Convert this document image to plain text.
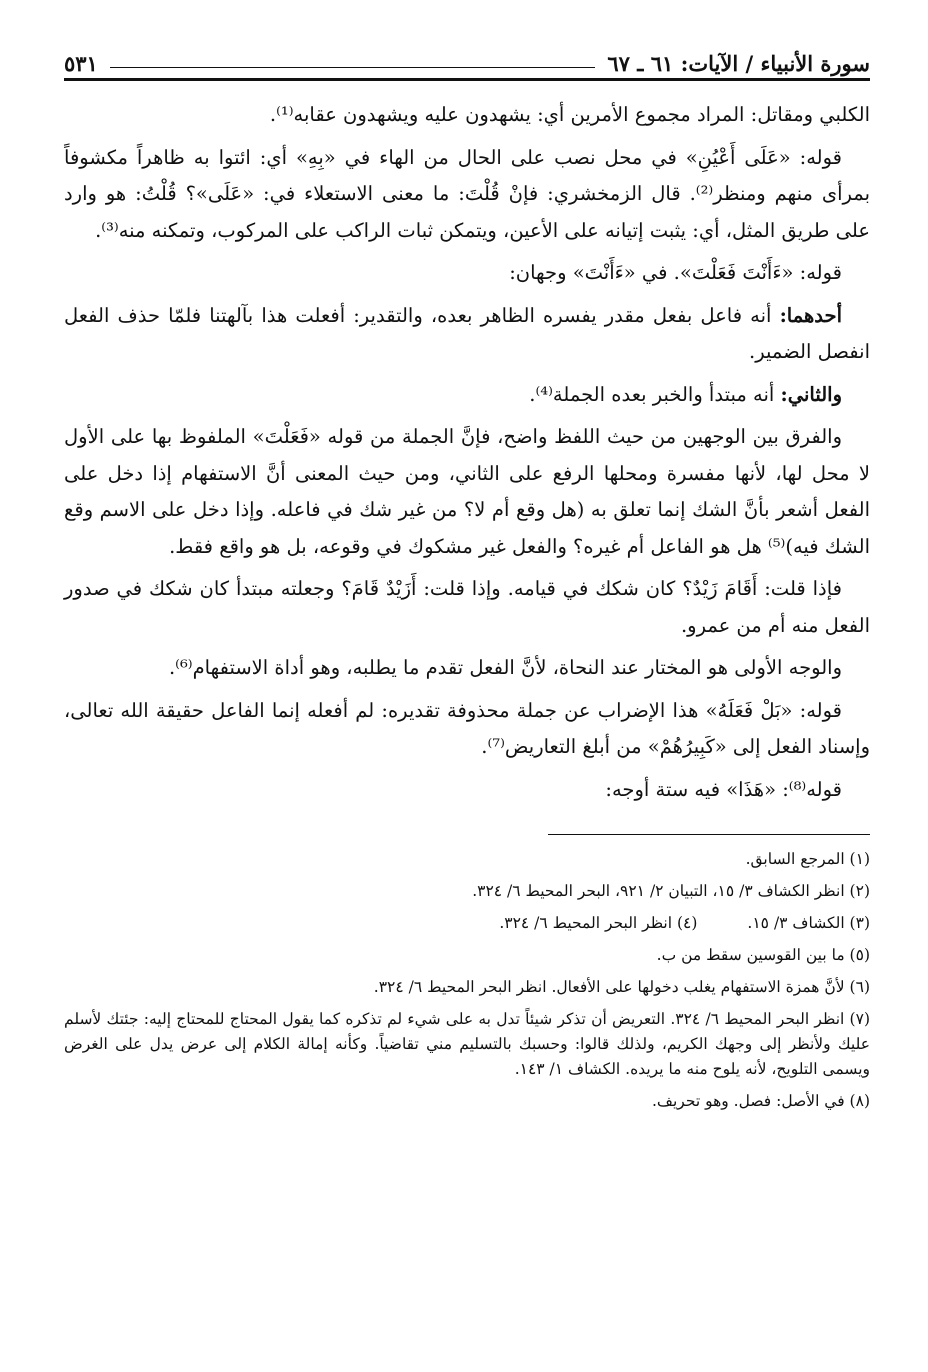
سورة الأنبياء / الآيات: ٦١ ـ ٦٧
٥٣١

الكلبي ومقاتل: المراد مجموع الأمرين أي: يشهدون عليه ويشهدون عقابه⁽¹⁾.

قوله: «عَلَى أَعْيُنِ» في محل نصب على الحال من الهاء في «بِهِ» أي: ائتوا به ظاهراً مكشوفاً بمرأى منهم ومنظر⁽²⁾. قال الزمخشري: فإنْ قُلْتَ: ما معنى الاستعلاء في: «عَلَى»؟ قُلْتُ: هو وارد على طريق المثل، أي: يثبت إتيانه على الأعين، ويتمكن ثبات الراكب على المركوب، وتمكنه منه⁽³⁾.

قوله: «ءَأَنْتَ فَعَلْتَ». في «ءَأَنْتَ» وجهان:

أحدهما: أنه فاعل بفعل مقدر يفسره الظاهر بعده، والتقدير: أفعلت هذا بآلهتنا فلمّا حذف الفعل انفصل الضمير.

والثاني: أنه مبتدأ والخبر بعده الجملة⁽⁴⁾.

والفرق بين الوجهين من حيث اللفظ واضح، فإنَّ الجملة من قوله «فَعَلْتَ» الملفوظ بها على الأول لا محل لها، لأنها مفسرة ومحلها الرفع على الثاني، ومن حيث المعنى أنَّ الاستفهام إذا دخل على الفعل أشعر بأنَّ الشك إنما تعلق به (هل وقع أم لا؟ من غير شك في فاعله. وإذا دخل على الاسم وقع الشك فيه)⁽⁵⁾ هل هو الفاعل أم غيره؟ والفعل غير مشكوك في وقوعه، بل هو واقع فقط.

فإذا قلت: أَقَامَ زَيْدٌ؟ كان شكك في قيامه. وإذا قلت: أَزَيْدٌ قَامَ؟ وجعلته مبتدأ كان شكك في صدور الفعل منه أم من عمرو.

والوجه الأولى هو المختار عند النحاة، لأنَّ الفعل تقدم ما يطلبه، وهو أداة الاستفهام⁽⁶⁾.

قوله: «بَلْ فَعَلَهُ» هذا الإضراب عن جملة محذوفة تقديره: لم أفعله إنما الفاعل حقيقة الله تعالى، وإسناد الفعل إلى «كَبِيرُهُمْ» من أبلغ التعاريض⁽⁷⁾.

قوله⁽⁸⁾: «هَذَا» فيه ستة أوجه:

(١) المرجع السابق.
(٢) انظر الكشاف ٣/ ١٥، التبيان ٢/ ٩٢١، البحر المحيط ٦/ ٣٢٤.
(٣) الكشاف ٣/ ١٥.
(٤) انظر البحر المحيط ٦/ ٣٢٤.
(٥) ما بين القوسين سقط من ب.
(٦) لأنَّ همزة الاستفهام يغلب دخولها على الأفعال. انظر البحر المحيط ٦/ ٣٢٤.
(٧) انظر البحر المحيط ٦/ ٣٢٤. التعريض أن تذكر شيئاً تدل به على شيء لم تذكره كما يقول المحتاج للمحتاج إليه: جئتك لأسلم عليك ولأنظر إلى وجهك الكريم، ولذلك قالوا: وحسبك بالتسليم مني تقاضياً. وكأنه إمالة الكلام إلى عرض يدل على الغرض ويسمى التلويح، لأنه يلوح منه ما يريده. الكشاف ١/ ١٤٣.
(٨) في الأصل: فصل. وهو تحريف.
